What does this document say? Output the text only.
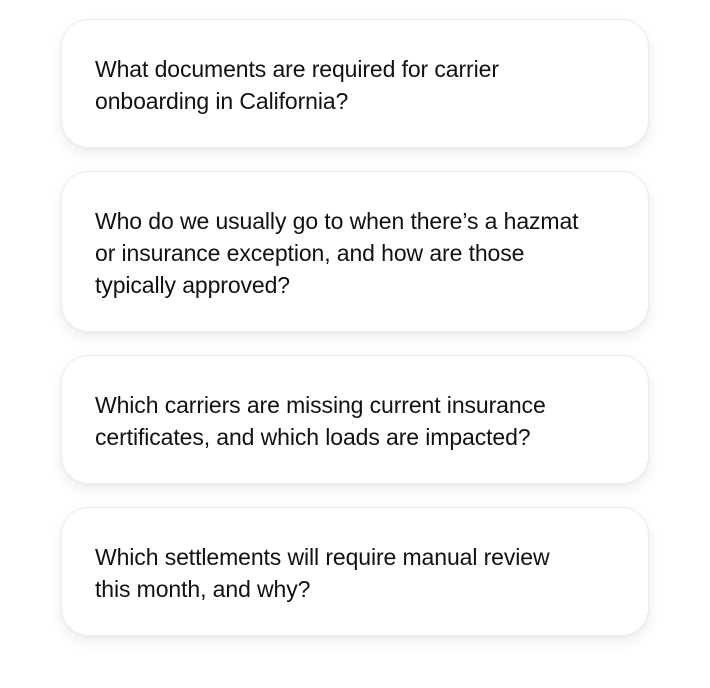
What documents are required for carrier
onboarding in California?

Who do we usually go to when there’s a hazmat
or insurance exception, and how are those
typically approved?

Which carriers are missing current insurance
certificates, and which loads are impacted?

Which settlements will require manual review
this month, and why?
